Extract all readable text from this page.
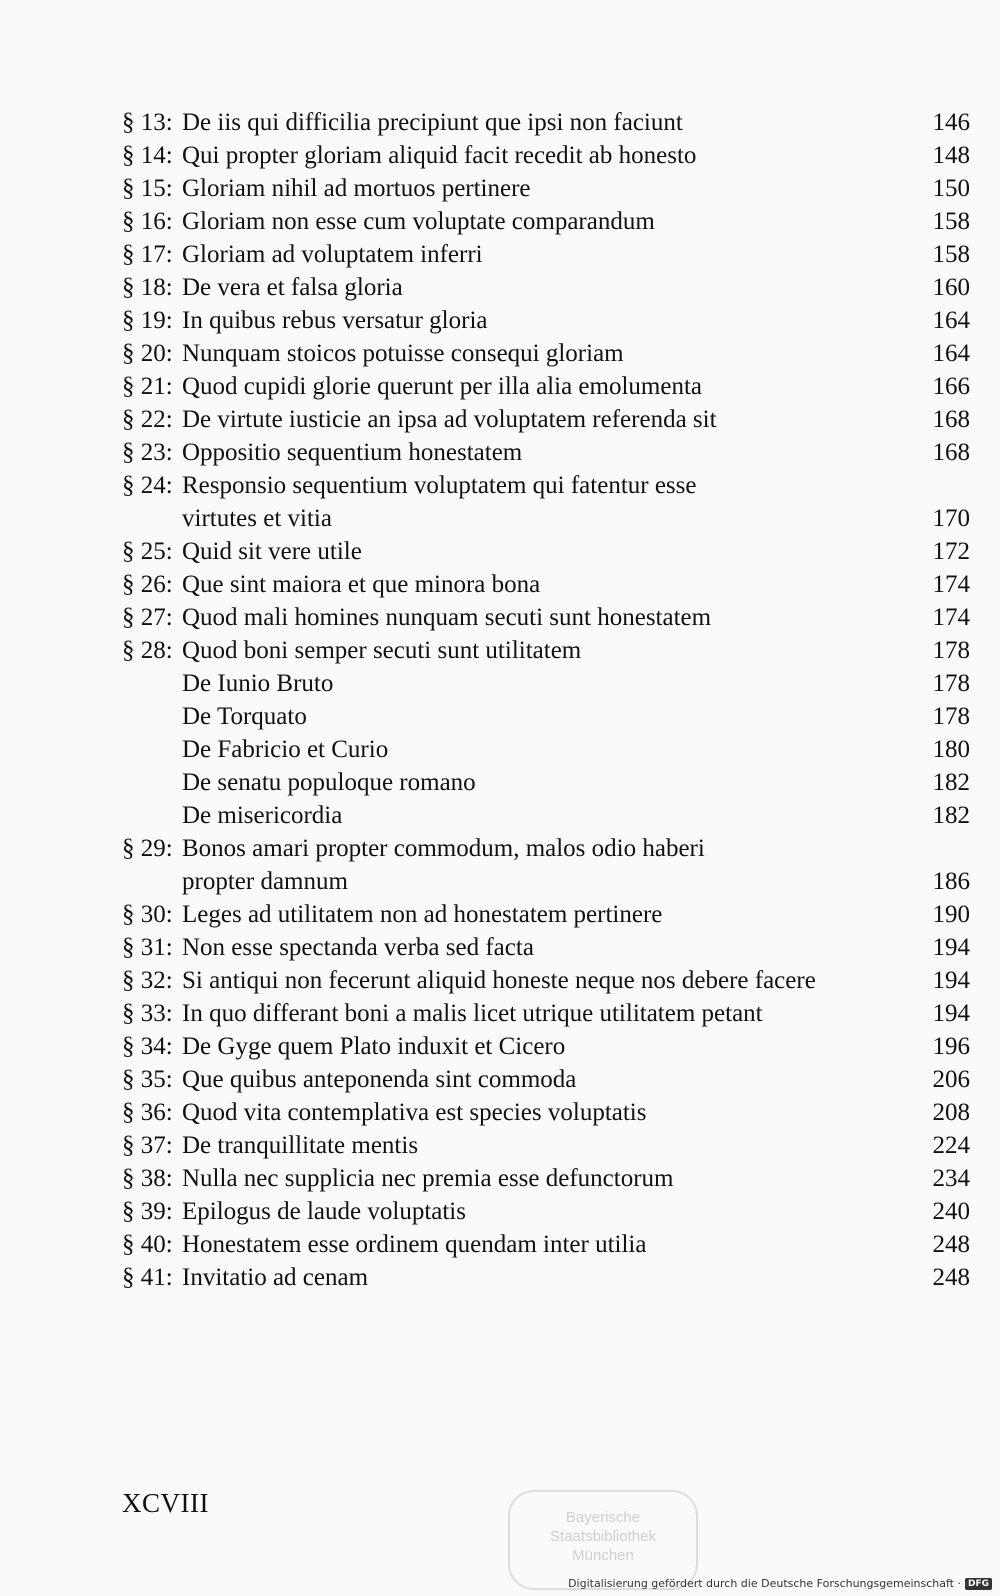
§ 13: De iis qui difficilia precipiunt que ipsi non faciunt	146
§ 14: Qui propter gloriam aliquid facit recedit ab honesto	148
§ 15: Gloriam nihil ad mortuos pertinere	150
§ 16: Gloriam non esse cum voluptate comparandum	158
§ 17: Gloriam ad voluptatem inferri	158
§ 18: De vera et falsa gloria	160
§ 19: In quibus rebus versatur gloria	164
§ 20: Nunquam stoicos potuisse consequi gloriam	164
§ 21: Quod cupidi glorie querunt per illa alia emolumenta	166
§ 22: De virtute iusticie an ipsa ad voluptatem referenda sit	168
§ 23: Oppositio sequentium honestatem	168
§ 24: Responsio sequentium voluptatem qui fatentur esse
virtutes et vitia	170
§ 25: Quid sit vere utile	172
§ 26: Que sint maiora et que minora bona	174
§ 27: Quod mali homines nunquam secuti sunt honestatem	174
§ 28: Quod boni semper secuti sunt utilitatem	178
De Iunio Bruto	178
De Torquato	178
De Fabricio et Curio	180
De senatu populoque romano	182
De misericordia	182
§ 29: Bonos amari propter commodum, malos odio haberi
propter damnum	186
§ 30: Leges ad utilitatem non ad honestatem pertinere	190
§ 31: Non esse spectanda verba sed facta	194
§ 32: Si antiqui non fecerunt aliquid honeste neque nos debere facere	194
§ 33: In quo differant boni a malis licet utrique utilitatem petant	194
§ 34: De Gyge quem Plato induxit et Cicero	196
§ 35: Que quibus anteponenda sint commoda	206
§ 36: Quod vita contemplativa est species voluptatis	208
§ 37: De tranquillitate mentis	224
§ 38: Nulla nec supplicia nec premia esse defunctorum	234
§ 39: Epilogus de laude voluptatis	240
§ 40: Honestatem esse ordinem quendam inter utilia	248
§ 41: Invitatio ad cenam	248
XCVIII	Bayerische
Staatsbibliothek
München
Digitalisierung gefördert durch die Deutsche Forschungsgemeinschaft · DFG
